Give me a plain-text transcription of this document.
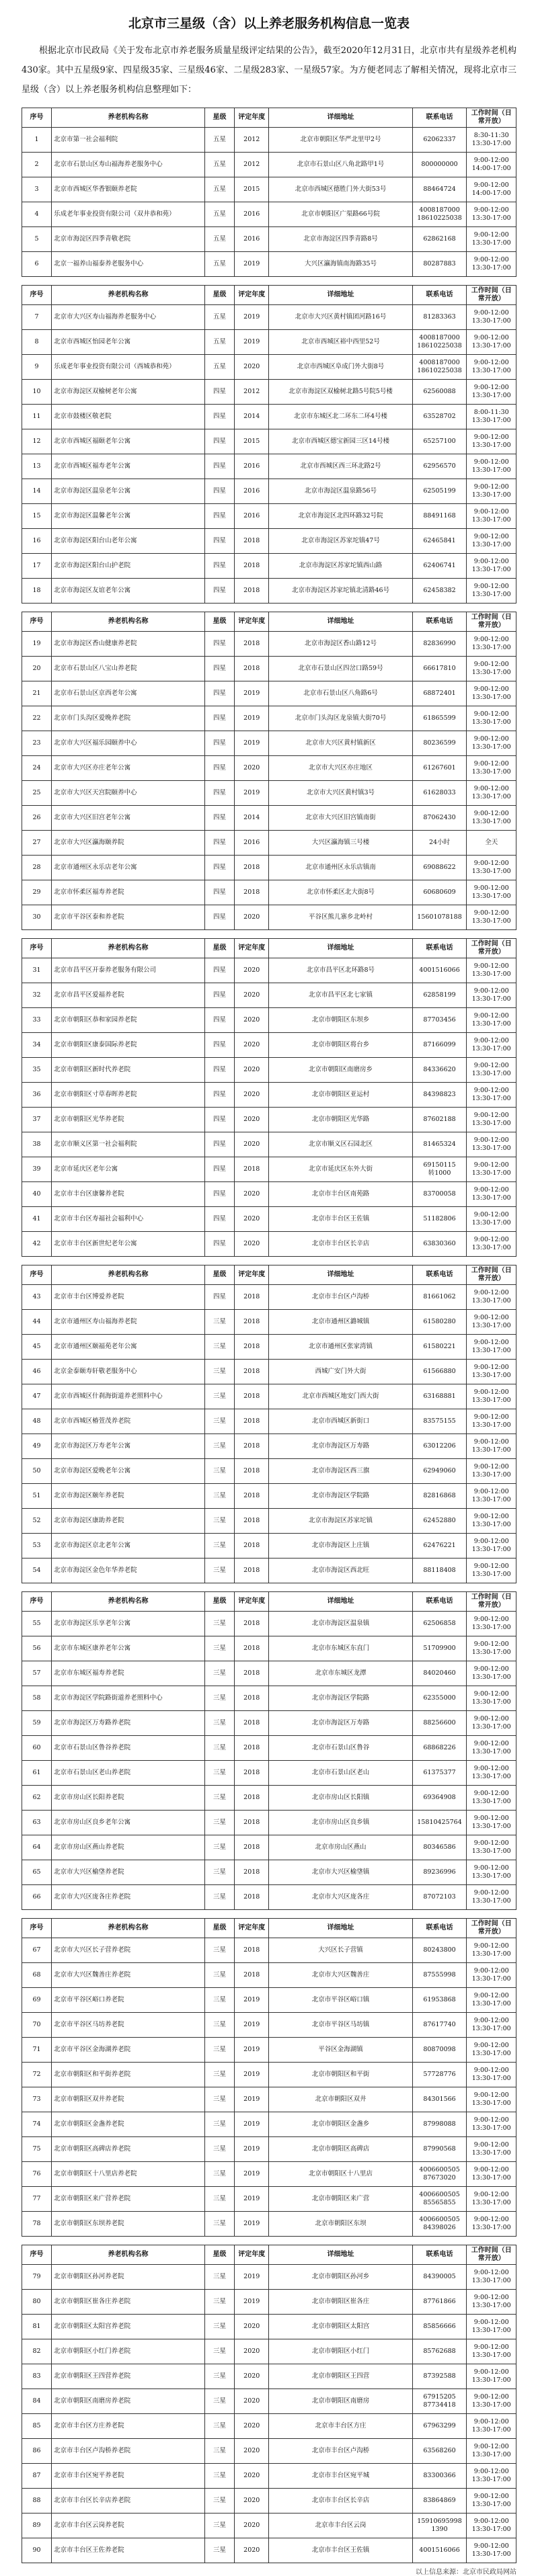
北京市三星级（含）以上养老服务机构信息一览表

根据北京市民政局《关于发布北京市养老服务质量星级评定结果的公告》，截至2020年12月31日，北京市共有星级养老机构430家。其中五星级9家、四星级35家、三星级46家、二星级283家、一星级57家。为方便老同志了解相关情况，现将北京市三星级（含）以上养老服务机构信息整理如下：

序号	养老机构名称	星级	评定年度	详细地址	联系电话	工作时间（日常开放）
1	北京市第一社会福利院	五星	2012	北京市朝阳区华严北里甲2号	62062337	8:30-11:30
13:30-17:00
2	北京市石景山区寿山福海养老服务中心	五星	2012	北京市石景山区八角北路甲1号	800000000	9:00-12:00
14:00-17:00
3	北京市西城区华香银颐养老院	五星	2015	北京市西城区德胜门外大街53号	88464724	9:00-12:00
14:00-17:00
4	乐成老年事业投资有限公司（双井恭和苑）	五星	2016	北京市朝阳区广渠路66号院	4008187000
18610225038	9:00-12:00
13:30-17:00
5	北京市海淀区四季青敬老院	五星	2016	北京市海淀区四季青路8号	62862168	9:00-12:00
13:30-17:00
6	北京一福养山福泰养老服务中心	五星	2019	大兴区瀛海镇南海路35号	80287883	9:00-12:00
13:30-17:00

序号	养老机构名称	星级	评定年度	详细地址	联系电话	工作时间（日常开放）
7	北京市大兴区寿山福海养老服务中心	五星	2019	北京市大兴区黄村镇团河路16号	81283363	9:00-12:00
13:30-17:00
8	北京市西城区怡园老年公寓	五星	2019	北京市西城区裕中西里52号	4008187000
18610225038	9:00-12:00
13:30-17:00
9	乐成老年事业投资有限公司（西城恭和苑）	五星	2020	北京市西城区阜成门外大街8号	4008187000
18610225038	9:00-12:00
13:30-17:00
10	北京市海淀区双榆树老年公寓	四星	2012	北京市海淀区双榆树北路5号院5号楼	62560088	9:00-12:00
13:30-17:00
11	北京市鼓楼区敬老院	四星	2014	北京市东城区北二环东二环4号楼	63528702	8:00-11:30
13:30-17:00
12	北京市西城区福颐老年公寓	四星	2015	北京市西城区德宝新园三区14号楼	65257100	9:00-12:00
13:30-17:00
13	北京市西城区福寿老年公寓	四星	2016	北京市西城区西三环北路2号	62956570	9:00-12:00
13:30-17:00
14	北京市海淀区温泉老年公寓	四星	2016	北京市海淀区温泉路56号	62505199	9:00-12:00
13:30-17:00
15	北京市海淀区温馨老年公寓	四星	2016	北京市海淀区北四环路32号院	88491168	9:00-12:00
13:30-17:00
16	北京市海淀区阳台山老年公寓	四星	2018	北京市海淀区苏家坨镇47号	62465841	9:00-12:00
13:30-17:00
17	北京市海淀区阳台山护老院	四星	2018	北京市海淀区苏家坨镇西山路	62406741	9:00-12:00
13:30-17:00
18	北京市海淀区友谊老年公寓	四星	2018	北京市海淀区苏家坨镇北清路46号	62458382	9:00-12:00
13:30-17:00

序号	养老机构名称	星级	评定年度	详细地址	联系电话	工作时间（日常开放）
19	北京市海淀区香山健康养老院	四星	2018	北京市海淀区香山路12号	82836990	9:00-12:00
13:30-17:00
20	北京市石景山区八宝山养老院	四星	2018	北京市石景山区四岔口路59号	66617810	9:00-12:00
13:30-17:00
21	北京市石景山区京西老年公寓	四星	2019	北京市石景山区八角路6号	68872401	9:00-12:00
13:30-17:00
22	北京市门头沟区爱晚养老院	四星	2019	北京市门头沟区龙泉镇大街70号	61865599	9:00-12:00
13:30-17:00
23	北京市大兴区福乐园颐养中心	四星	2019	北京市大兴区黄村镇新区	80236599	9:00-12:00
13:30-17:00
24	北京市大兴区亦庄老年公寓	四星	2020	北京市大兴区亦庄地区	61267601	9:00-12:00
13:30-17:00
25	北京市大兴区天宫院颐养中心	四星	2019	北京市大兴区黄村镇3号	61628033	9:00-12:00
13:30-17:00
26	北京市大兴区旧宫老年公寓	四星	2014	北京市大兴区旧宫镇南街	87062430	9:00-12:00
13:30-17:00
27	北京市大兴区瀛海颐养院	四星	2016	大兴区瀛海镇三号楼	24小时	全天
28	北京市通州区永乐店老年公寓	四星	2018	北京市通州区永乐店镇南	69088622	9:00-12:00
13:30-17:00
29	北京市怀柔区福寿养老院	四星	2018	北京市怀柔区北大街8号	60680609	9:00-12:00
13:30-17:00
30	北京市平谷区泰和养老院	四星	2020	平谷区熊儿寨乡北岭村	15601078188	9:00-12:00
13:30-17:00

序号	养老机构名称	星级	评定年度	详细地址	联系电话	工作时间（日常开放）
31	北京市昌平区开泰养老服务有限公司	四星	2020	北京市昌平区北环路8号	4001516066	9:00-12:00
13:30-17:00
32	北京市昌平区爱福养老院	四星	2020	北京市昌平区北七家镇	62858199	9:00-12:00
13:30-17:00
33	北京市朝阳区恭和家园养老院	四星	2020	北京市朝阳区东坝乡	87703456	9:00-12:00
13:30-17:00
34	北京市朝阳区康泰国际养老院	四星	2020	北京市朝阳区将台乡	87166099	9:00-12:00
13:30-17:00
35	北京市朝阳区新时代养老院	四星	2020	北京市朝阳区南磨房乡	84336620	9:00-12:00
13:30-17:00
36	北京市朝阳区寸草春晖养老院	四星	2020	北京市朝阳区亚运村	84398823	9:00-12:00
13:30-17:00
37	北京市朝阳区光华养老院	四星	2020	北京市朝阳区光华路	87602188	9:00-12:00
13:30-17:00
38	北京市顺义区第一社会福利院	四星	2020	北京市顺义区石园北区	81465324	9:00-12:00
13:30-17:00
39	北京市延庆区老年公寓	四星	2018	北京市延庆区东外大街	69150115
转1000	9:00-12:00
13:30-17:00
40	北京市丰台区康馨养老院	四星	2020	北京市丰台区南苑路	83700058	9:00-12:00
13:30-17:00
41	北京市丰台区寿福社会福利中心	四星	2020	北京市丰台区王佐镇	51182806	9:00-12:00
13:30-17:00
42	北京市丰台区新世纪老年公寓	四星	2020	北京市丰台区长辛店	63830360	9:00-12:00
13:30-17:00

序号	养老机构名称	星级	评定年度	详细地址	联系电话	工作时间（日常开放）
43	北京市丰台区博爱养老院	四星	2018	北京市丰台区卢沟桥	81661062	9:00-12:00
13:30-17:00
44	北京市通州区寿山福海养老院	三星	2018	北京市通州区潞城镇	61580280	9:00-12:00
13:30-17:00
45	北京市通州区颐福苑老年公寓	三星	2018	北京市通州区张家湾镇	61580221	9:00-12:00
13:30-17:00
46	北京金泰颐寿轩敬老服务中心	三星	2018	西城广安门外大街	61566880	9:00-12:00
13:30-17:00
47	北京市西城区什刹海街道养老照料中心	三星	2018	北京市西城区地安门西大街	63168881	9:00-12:00
13:30-17:00
48	北京市西城区椿萱茂养老院	三星	2018	北京市西城区新街口	83575155	9:00-12:00
13:30-17:00
49	北京市海淀区万寿老年公寓	三星	2018	北京市海淀区万寿路	63012206	9:00-12:00
13:30-17:00
50	北京市海淀区爱晚老年公寓	三星	2018	北京市海淀区西三旗	62949060	9:00-12:00
13:30-17:00
51	北京市海淀区颐年养老院	三星	2018	北京市海淀区学院路	82816868	9:00-12:00
13:30-17:00
52	北京市海淀区康助养老院	三星	2018	北京市海淀区苏家坨镇	62452880	9:00-12:00
13:30-17:00
53	北京市海淀区京北老年公寓	三星	2018	北京市海淀区上庄镇	62476221	9:00-12:00
13:30-17:00
54	北京市海淀区金色年华养老院	三星	2018	北京市海淀区西北旺	88118408	9:00-12:00
13:30-17:00

序号	养老机构名称	星级	评定年度	详细地址	联系电话	工作时间（日常开放）
55	北京市海淀区乐享老年公寓	三星	2018	北京市海淀区温泉镇	62506858	9:00-12:00
13:30-17:00
56	北京市东城区康养老年公寓	三星	2018	北京市东城区东直门	51709900	9:00-12:00
13:30-17:00
57	北京市东城区福寿养老院	三星	2018	北京市东城区龙潭	84020460	9:00-12:00
13:30-17:00
58	北京市海淀区学院路街道养老照料中心	三星	2018	北京市海淀区学院路	62355000	9:00-12:00
13:30-17:00
59	北京市海淀区万寿路养老院	三星	2018	北京市海淀区万寿路	88256600	9:00-12:00
13:30-17:00
60	北京市石景山区鲁谷养老院	三星	2018	北京市石景山区鲁谷	68868226	9:00-12:00
13:30-17:00
61	北京市石景山区老山养老院	三星	2018	北京市石景山区老山	61375377	9:00-12:00
13:30-17:00
62	北京市房山区长阳养老院	三星	2018	北京市房山区长阳镇	69364908	9:00-12:00
13:30-17:00
63	北京市房山区良乡老年公寓	三星	2018	北京市房山区良乡镇	15810425764	9:00-12:00
13:30-17:00
64	北京市房山区燕山养老院	三星	2018	北京市房山区燕山	80346586	9:00-12:00
13:30-17:00
65	北京市大兴区榆垡养老院	三星	2018	北京市大兴区榆垡镇	89236996	9:00-12:00
13:30-17:00
66	北京市大兴区庞各庄养老院	三星	2018	北京市大兴区庞各庄	87072103	9:00-12:00
13:30-17:00

序号	养老机构名称	星级	评定年度	详细地址	联系电话	工作时间（日常开放）
67	北京市大兴区长子营养老院	三星	2018	大兴区长子营镇	80243800	9:00-12:00
13:30-17:00
68	北京市大兴区魏善庄养老院	三星	2018	北京市大兴区魏善庄	87555998	9:00-12:00
13:30-17:00
69	北京市平谷区峪口养老院	三星	2019	北京市平谷区峪口镇	61953868	9:00-12:00
13:30-17:00
70	北京市平谷区马坊养老院	三星	2019	北京市平谷区马坊镇	87617740	9:00-12:00
13:30-17:00
71	北京市平谷区金海湖养老院	三星	2019	平谷区金海湖镇	80870098	9:00-12:00
13:30-17:00
72	北京市朝阳区和平街养老院	三星	2019	北京市朝阳区和平街	57728776	9:00-12:00
13:30-17:00
73	北京市朝阳区双井养老院	三星	2019	北京市朝阳区双井	84301566	9:00-12:00
13:30-17:00
74	北京市朝阳区金盏养老院	三星	2019	北京市朝阳区金盏乡	87998088	9:00-12:00
13:30-17:00
75	北京市朝阳区高碑店养老院	三星	2019	北京市朝阳区高碑店	87990568	9:00-12:00
13:30-17:00
76	北京市朝阳区十八里店养老院	三星	2019	北京市朝阳区十八里店	4006600505
87673020	9:00-12:00
13:30-17:00
77	北京市朝阳区来广营养老院	三星	2019	北京市朝阳区来广营	4006600505
85565855	9:00-12:00
13:30-17:00
78	北京市朝阳区东坝养老院	三星	2019	北京市朝阳区东坝	4006600505
84398026	9:00-12:00
13:30-17:00

序号	养老机构名称	星级	评定年度	详细地址	联系电话	工作时间（日常开放）
79	北京市朝阳区孙河养老院	三星	2019	北京市朝阳区孙河乡	84390005	9:00-12:00
13:30-17:00
80	北京市朝阳区崔各庄养老院	三星	2019	北京市朝阳区崔各庄	87761866	9:00-12:00
13:30-17:00
81	北京市朝阳区太阳宫养老院	三星	2020	北京市朝阳区太阳宫	85856666	9:00-12:00
13:30-17:00
82	北京市朝阳区小红门养老院	三星	2020	北京市朝阳区小红门	85762688	9:00-12:00
13:30-17:00
83	北京市朝阳区王四营养老院	三星	2020	北京市朝阳区王四营	87392588	9:00-12:00
13:30-17:00
84	北京市朝阳区南磨房养老院	三星	2020	北京市朝阳区南磨房	67915205
87734418	9:00-12:00
13:30-17:00
85	北京市丰台区方庄养老院	三星	2020	北京市丰台区方庄	67963299	9:00-12:00
13:30-17:00
86	北京市丰台区卢沟桥养老院	三星	2020	北京市丰台区卢沟桥	63568260	9:00-12:00
13:30-17:00
87	北京市丰台区宛平养老院	三星	2020	北京市丰台区宛平城	83300366	9:00-12:00
13:30-17:00
88	北京市丰台区长辛店养老院	三星	2020	北京市丰台区长辛店	83864869	9:00-12:00
13:30-17:00
89	北京市丰台区云岗养老院	三星	2020	北京市丰台区云岗	15910695998
1390	9:00-12:00
13:30-17:00
90	北京市丰台区王佐养老院	三星	2020	北京市丰台区王佐镇	4001516066	9:00-12:00
13:30-17:00
以上信息来源：北京市民政局网站
